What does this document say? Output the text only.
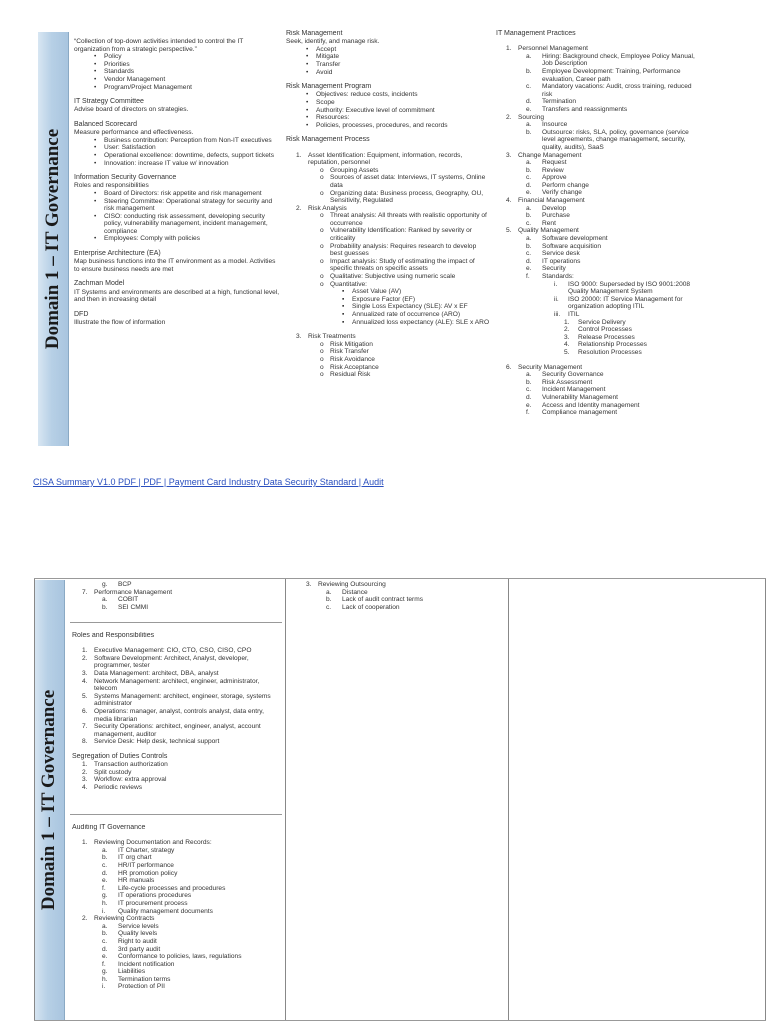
Domain 1 – IT Governance
“Collection of top-down activities intended to control the IT organization from a strategic perspective.”
•	Policy
•	Priorities
•	Standards
•	Vendor Management
•	Program/Project Management
IT Strategy Committee
Advise board of directors on strategies.
Balanced Scorecard
Measure performance and effectiveness.
•	Business contribution: Perception from Non-IT executives
•	User: Satisfaction
•	Operational excellence: downtime, defects, support tickets
•	Innovation: increase IT value w/ innovation
Information Security Governance
Roles and responsibilities
•	Board of Directors: risk appetite and risk management
•	Steering Committee: Operational strategy for security and risk management
•	CISO: conducting risk assessment, developing security policy, vulnerability management, incident management, compliance
•	Employees: Comply with policies
Enterprise Architecture (EA)
Map business functions into the IT environment as a model. Activities to ensure business needs are met
Zachman Model
IT Systems and environments are described at a high, functional level, and then in increasing detail
DFD
Illustrate the flow of information
Risk Management
Seek, identify, and manage risk.
•	Accept
•	Mitigate
•	Transfer
•	Avoid
Risk Management Program
•	Objectives: reduce costs, incidents
•	Scope
•	Authority: Executive level of commitment
•	Resources:
•	Policies, processes, procedures, and records
Risk Management Process
1. Asset Identification: Equipment, information, records, reputation, personnel
o Grouping Assets
o Sources of asset data: Interviews, IT systems, Online data
o Organizing data: Business process, Geography, OU, Sensitivity, Regulated
2. Risk Analysis
o Threat analysis: All threats with realistic opportunity of occurrence
o Vulnerability Identification: Ranked by severity or criticality
o Probability analysis: Requires research to develop best guesses
o Impact analysis: Study of estimating the impact of specific threats on specific assets
o Qualitative: Subjective using numeric scale
o Quantitative:
▪	Asset Value (AV)
▪	Exposure Factor (EF)
▪	Single Loss Expectancy (SLE): AV x EF
▪	Annualized rate of occurrence (ARO)
▪	Annualized loss expectancy (ALE): SLE x ARO
3. Risk Treatments
o Risk Mitigation
o Risk Transfer
o Risk Avoidance
o Risk Acceptance
o Residual Risk
IT Management Practices
1. Personnel Management
a.	Hiring: Background check, Employee Policy Manual, Job Description
b.	Employee Development: Training, Performance evaluation, Career path
c.	Mandatory vacations: Audit, cross training, reduced risk
d.	Termination
e.	Transfers and reassignments
2. Sourcing
a.	Insource
b.	Outsource: risks, SLA, policy, governance (service level agreements, change management, security, quality, audits), SaaS
3. Change Management
a.	Request
b.	Review
c.	Approve
d.	Perform change
e.	Verify change
4. Financial Management
a.	Develop
b.	Purchase
c.	Rent
5. Quality Management
a.	Software development
b.	Software acquisition
c.	Service desk
d.	IT operations
e.	Security
f.	Standards:
i.	ISO 9000: Superseded by ISO 9001:2008 Quality Management System
ii.	ISO 20000: IT Service Management for organization adopting ITIL
iii.	ITIL
1.	Service Delivery
2.	Control Processes
3.	Release Processes
4.	Relationship Processes
5.	Resolution Processes
6. Security Management
a.	Security Governance
b.	Risk Assessment
c.	Incident Management
d.	Vulnerability Management
e.	Access and Identity management
f.	Compliance management
CISA Summary V1.0 PDF | PDF | Payment Card Industry Data Security Standard | Audit
Domain 1 – IT Governance
g.	BCP
7. Performance Management
a.	COBIT
b.	SEI CMMI
Roles and Responsibilities
1. Executive Management: CIO, CTO, CSO, CISO, CPO
2. Software Development: Architect, Analyst, developer, programmer, tester
3. Data Management: architect, DBA, analyst
4. Network Management: architect, engineer, administrator, telecom
5. Systems Management: architect, engineer, storage, systems administrator
6. Operations: manager, analyst, controls analyst, data entry, media librarian
7. Security Operations: architect, engineer, analyst, account management, auditor
8. Service Desk: Help desk, technical support
Segregation of Duties Controls
1. Transaction authorization
2. Split custody
3. Workflow: extra approval
4. Periodic reviews
Auditing IT Governance
1. Reviewing Documentation and Records:
a.	IT Charter, strategy
b.	IT org chart
c.	HR/IT performance
d.	HR promotion policy
e.	HR manuals
f.	Life-cycle processes and procedures
g.	IT operations procedures
h.	IT procurement process
i.	Quality management documents
2. Reviewing Contracts
a.	Service levels
b.	Quality levels
c.	Right to audit
d.	3rd party audit
e.	Conformance to policies, laws, regulations
f.	Incident notification
g.	Liabilities
h.	Termination terms
i.	Protection of PII
3. Reviewing Outsourcing
a.	Distance
b.	Lack of audit contract terms
c.	Lack of cooperation
